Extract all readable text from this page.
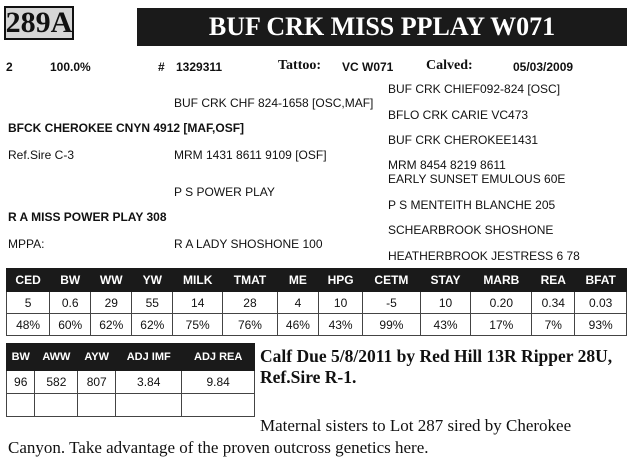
289A	BUF CRK MISS PPLAY W071
2	100.0%	# 1329311	Tattoo: VC W071 Calved:	05/03/2009
BUF CRK CHIEF092-824 [OSC]
BUF CRK CHF 824-1658 [OSC,MAF]
BFLO CRK CARIE VC473
BFCK CHEROKEE CNYN 4912 [MAF,OSF]
BUF CRK CHEROKEE1431
Ref.Sire C-3	MRM 1431 8611 9109 [OSF]
MRM 8454 8219 8611
EARLY SUNSET EMULOUS 60E
P S POWER PLAY
P S MENTEITH BLANCHE 205
R A MISS POWER PLAY 308
SCHEARBROOK SHOSHONE
MPPA:	R A LADY SHOSHONE 100
HEATHERBROOK JESTRESS 6 78
CED	BW	WW	YW	MILK	TMAT	ME	HPG	CETM	STAY	MARB	REA	BFAT
5	0.6	29	55	14	28	4	10	-5	10	0.20	0.34	0.03
48%	60%	62%	62%	75%	76%	46%	43%	99%	43%	17%	7%	93%
BW	AWW	AYW	ADJ IMF	ADJ REA
96	582	807	3.84	9.84

Calf Due 5/8/2011 by Red Hill 13R Ripper 28U, Ref.Sire R-1.
Maternal sisters to Lot 287 sired by Cherokee
Canyon. Take advantage of the proven outcross genetics here.
